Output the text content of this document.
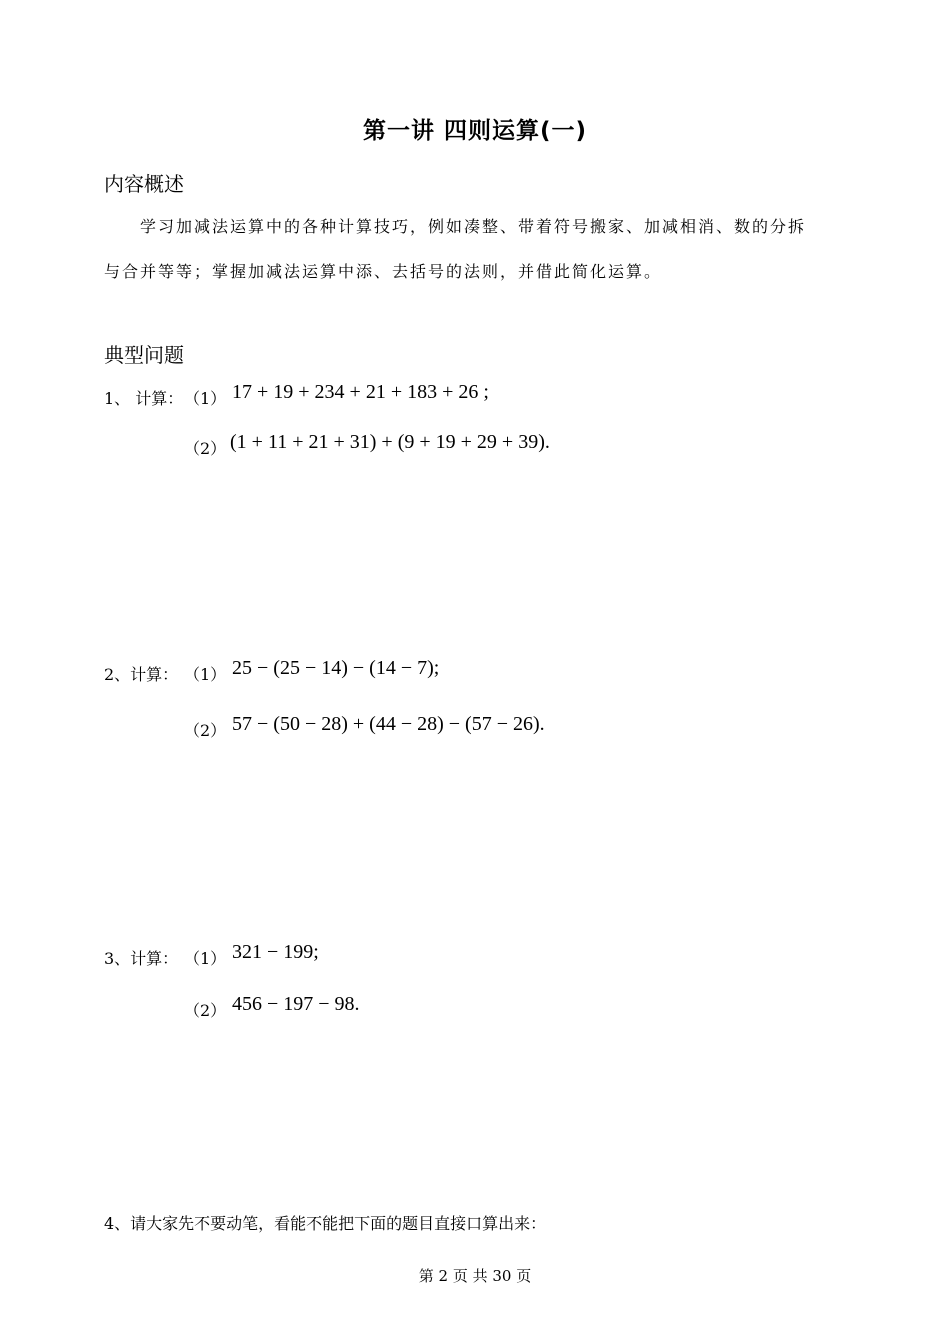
第一讲 四则运算(一)
内容概述
学习加减法运算中的各种计算技巧，例如凑整、带着符号搬家、加减相消、数的分拆
与合并等等；掌握加减法运算中添、去括号的法则，并借此简化运算。
典型问题
1、 计算： （1） 17 + 19 + 234 + 21 + 183 + 26 ;
（2） (1 + 11 + 21 + 31) + (9 + 19 + 29 + 39).
2、计算： （1） 25 − (25 − 14) − (14 − 7);
（2） 57 − (50 − 28) + (44 − 28) − (57 − 26).
3、计算： （1） 321 − 199;
（2） 456 − 197 − 98.
4、请大家先不要动笔，看能不能把下面的题目直接口算出来：
第 2 页 共 30 页
